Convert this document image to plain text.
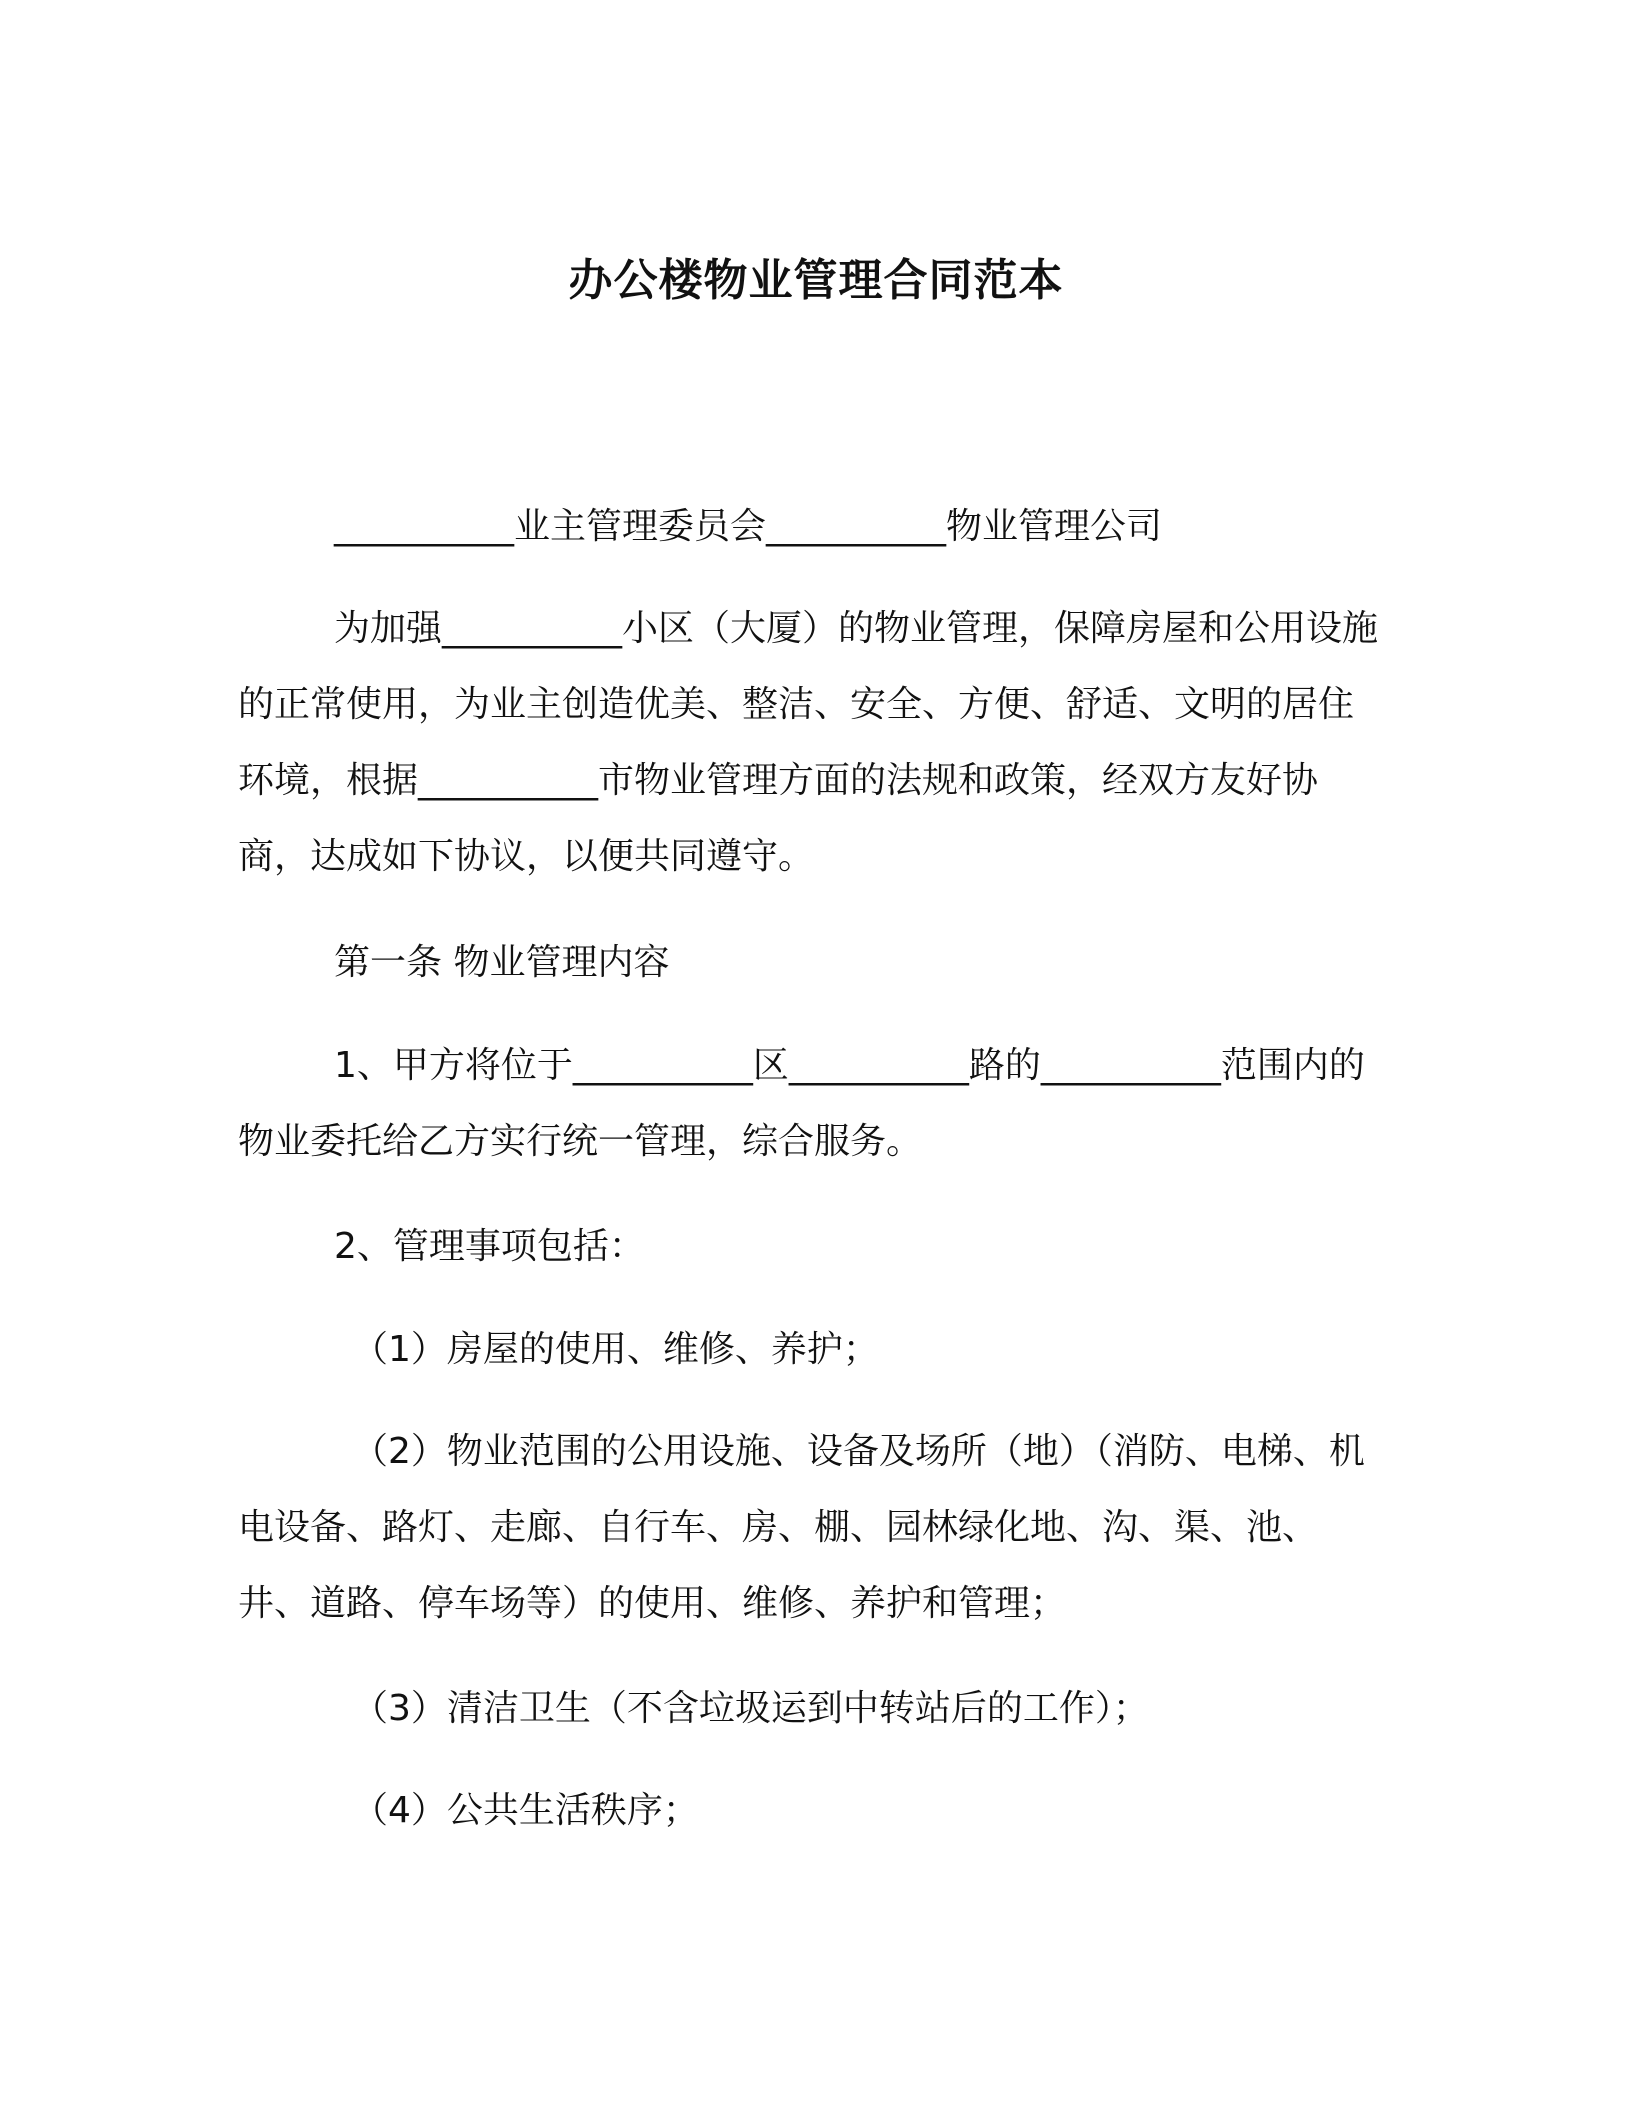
办公楼物业管理合同范本

__________业主管理委员会__________物业管理公司

为加强__________小区（大厦）的物业管理，保障房屋和公用设施的正常使用，为业主创造优美、整洁、安全、方便、舒适、文明的居住环境，根据__________市物业管理方面的法规和政策，经双方友好协商，达成如下协议，以便共同遵守。

第一条 物业管理内容

1、甲方将位于__________区__________路的__________范围内的物业委托给乙方实行统一管理，综合服务。

2、管理事项包括：

（1）房屋的使用、维修、养护；

（2）物业范围的公用设施、设备及场所（地）（消防、电梯、机电设备、路灯、走廊、自行车、房、棚、园林绿化地、沟、渠、池、井、道路、停车场等）的使用、维修、养护和管理；

（3）清洁卫生（不含垃圾运到中转站后的工作）；

（4）公共生活秩序；
